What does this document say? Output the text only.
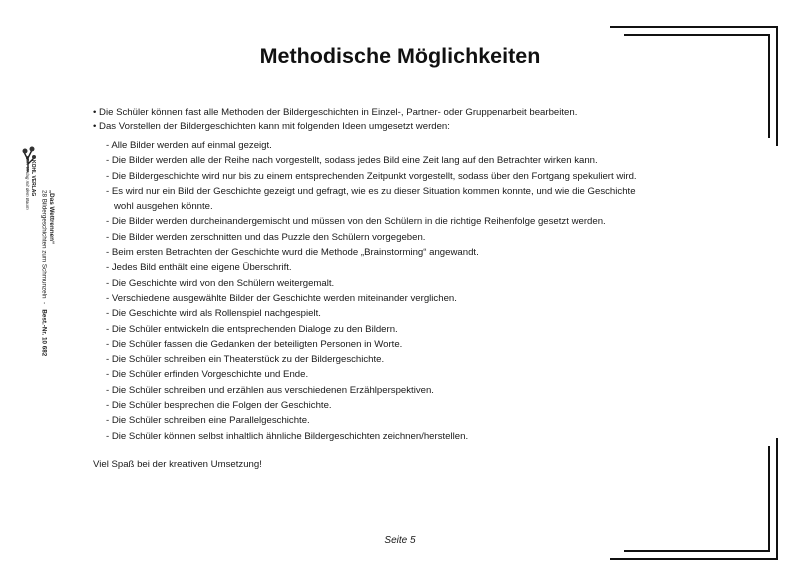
KOHL VERLAG
Der Verlag mit dem Baum
„Das Wettrennen“
28 Bildergeschichten zum Schmunzeln  -   Best.-Nr. 10 682
Methodische Möglichkeiten

• Die Schüler können fast alle Methoden der Bildergeschichten in Einzel-, Partner- oder Gruppenarbeit bearbeiten.

• Das Vorstellen der Bildergeschichten kann mit folgenden Ideen umgesetzt werden:

- Alle Bilder werden auf einmal gezeigt.
- Die Bilder werden alle der Reihe nach vorgestellt, sodass jedes Bild eine Zeit lang auf den Betrachter wirken kann.
- Die Bildergeschichte wird nur bis zu einem entsprechenden Zeitpunkt vorgestellt, sodass über den Fortgang spekuliert wird.
- Es wird nur ein Bild der Geschichte gezeigt und gefragt, wie es zu dieser Situation kommen konnte, und wie die Geschichte
wohl ausgehen könnte.
- Die Bilder werden durcheinandergemischt und müssen von den Schülern in die richtige Reihenfolge gesetzt werden.
- Die Bilder werden zerschnitten und das Puzzle den Schülern vorgegeben.
- Beim ersten Betrachten der Geschichte wurd die Methode „Brainstorming“ angewandt.
- Jedes Bild enthält eine eigene Überschrift.
- Die Geschichte wird von den Schülern weitergemalt.
- Verschiedene ausgewählte Bilder der Geschichte werden miteinander verglichen.
- Die Geschichte wird als Rollenspiel nachgespielt.
- Die Schüler entwickeln die entsprechenden Dialoge zu den Bildern.
- Die Schüler fassen die Gedanken der beteiligten Personen in Worte.
- Die Schüler schreiben ein Theaterstück zu der Bildergeschichte.
- Die Schüler erfinden Vorgeschichte und Ende.
- Die Schüler schreiben und erzählen aus verschiedenen Erzählperspektiven.
- Die Schüler besprechen die Folgen der Geschichte.
- Die Schüler schreiben eine Parallelgeschichte.
- Die Schüler können selbst inhaltlich ähnliche Bildergeschichten zeichnen/herstellen.
Viel Spaß bei der kreativen Umsetzung!
Seite 5
